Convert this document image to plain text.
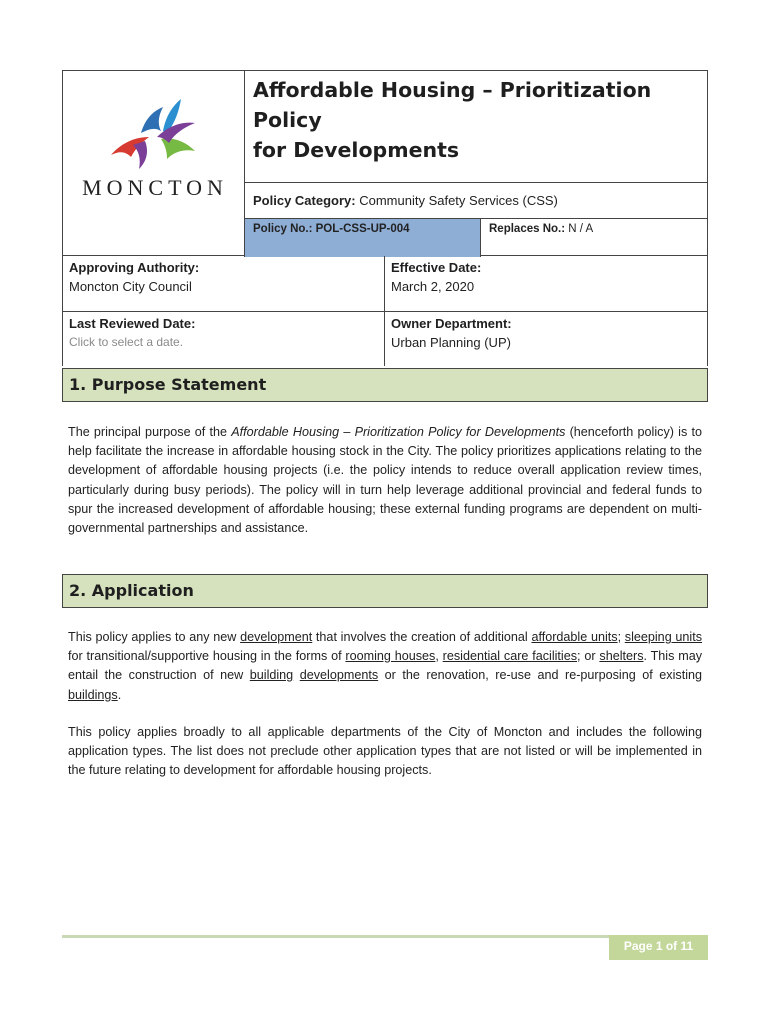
MONCTON

Affordable Housing – Prioritization Policy
for Developments

Policy Category: Community Safety Services (CSS)
Policy No.: POL-CSS-UP-004	Replaces No.: N / A
Approving Authority:
Moncton City Council
Effective Date:
March 2, 2020
Last Reviewed Date:
Click to select a date.
Owner Department:
Urban Planning (UP)
1. Purpose Statement
The principal purpose of the Affordable Housing – Prioritization Policy for Developments (henceforth policy) is to help facilitate the increase in affordable housing stock in the City. The policy prioritizes applications relating to the development of affordable housing projects (i.e. the policy intends to reduce overall application review times, particularly during busy periods). The policy will in turn help leverage additional provincial and federal funds to spur the increased development of affordable housing; these external funding programs are dependent on multi-governmental partnerships and assistance.
2. Application
This policy applies to any new development that involves the creation of additional affordable units; sleeping units for transitional/supportive housing in the forms of rooming houses, residential care facilities; or shelters. This may entail the construction of new building developments or the renovation, re-use and re-purposing of existing buildings.
This policy applies broadly to all applicable departments of the City of Moncton and includes the following application types. The list does not preclude other application types that are not listed or will be implemented in the future relating to development for affordable housing projects.
Page 1 of 11
